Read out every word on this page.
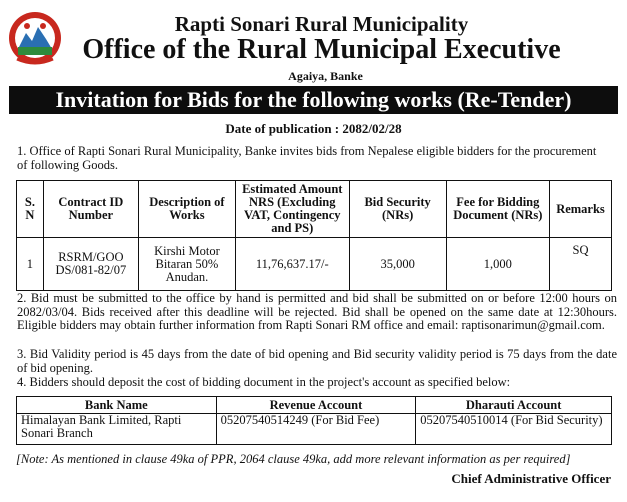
Rapti Sonari Rural Municipality
Office of the Rural Municipal Executive
Agaiya, Banke
Invitation for Bids for the following works (Re-Tender)
Date of publication : 2082/02/28
1. Office of Rapti Sonari Rural Municipality, Banke invites bids from Nepalese eligible bidders for the procurement of following Goods.
S. N	Contract ID Number	Description of Works	Estimated Amount NRS (Excluding VAT, Contingency and PS)	Bid Security (NRs)	Fee for Bidding Document (NRs)	Remarks
1	RSRM/GOO DS/081-82/07	Kirshi Motor Bitaran 50% Anudan.	11,76,637.17/-	35,000	1,000	SQ
2. Bid must be submitted to the office by hand is permitted and bid shall be submitted on or before 12:00 hours on 2082/03/04. Bids received after this deadline will be rejected. Bid shall be opened on the same date at 12:30hours. Eligible bidders may obtain further information from Rapti Sonari RM office and email: raptisonarimun@gmail.com.
3. Bid Validity period is 45 days from the date of bid opening and Bid security validity period is 75 days from the date of bid opening.
4. Bidders should deposit the cost of bidding document in the project's account as specified below:
Bank Name	Revenue Account	Dharauti Account
Himalayan Bank Limited, Rapti Sonari Branch	05207540514249 (For Bid Fee)	05207540510014 (For Bid Security)
[Note: As mentioned in clause 49ka of PPR, 2064 clause 49ka, add more relevant information as per required]
Chief Administrative Officer
